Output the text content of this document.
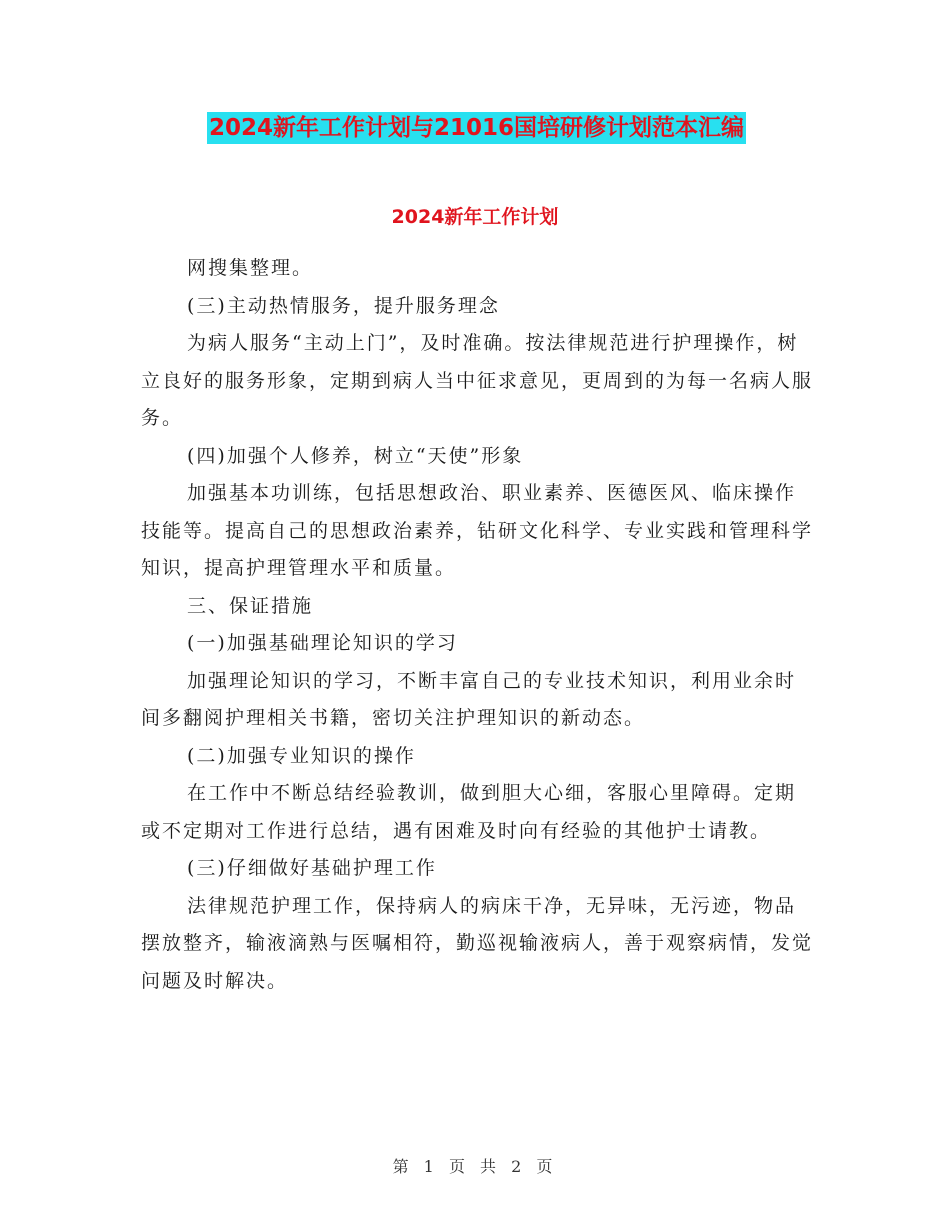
2024新年工作计划与21016国培研修计划范本汇编
2024新年工作计划

网搜集整理。

(三)主动热情服务，提升服务理念

为病人服务“主动上门”，及时准确。按法律规范进行护理操作，树立良好的服务形象，定期到病人当中征求意见，更周到的为每一名病人服务。

(四)加强个人修养，树立“天使”形象

加强基本功训练，包括思想政治、职业素养、医德医风、临床操作技能等。提高自己的思想政治素养，钻研文化科学、专业实践和管理科学知识，提高护理管理水平和质量。

三、保证措施

(一)加强基础理论知识的学习

加强理论知识的学习，不断丰富自己的专业技术知识，利用业余时间多翻阅护理相关书籍，密切关注护理知识的新动态。

(二)加强专业知识的操作

在工作中不断总结经验教训，做到胆大心细，客服心里障碍。定期或不定期对工作进行总结，遇有困难及时向有经验的其他护士请教。

(三)仔细做好基础护理工作

法律规范护理工作，保持病人的病床干净，无异味，无污迹，物品摆放整齐，输液滴熟与医嘱相符，勤巡视输液病人，善于观察病情，发觉问题及时解决。

第 1 页 共 2 页
